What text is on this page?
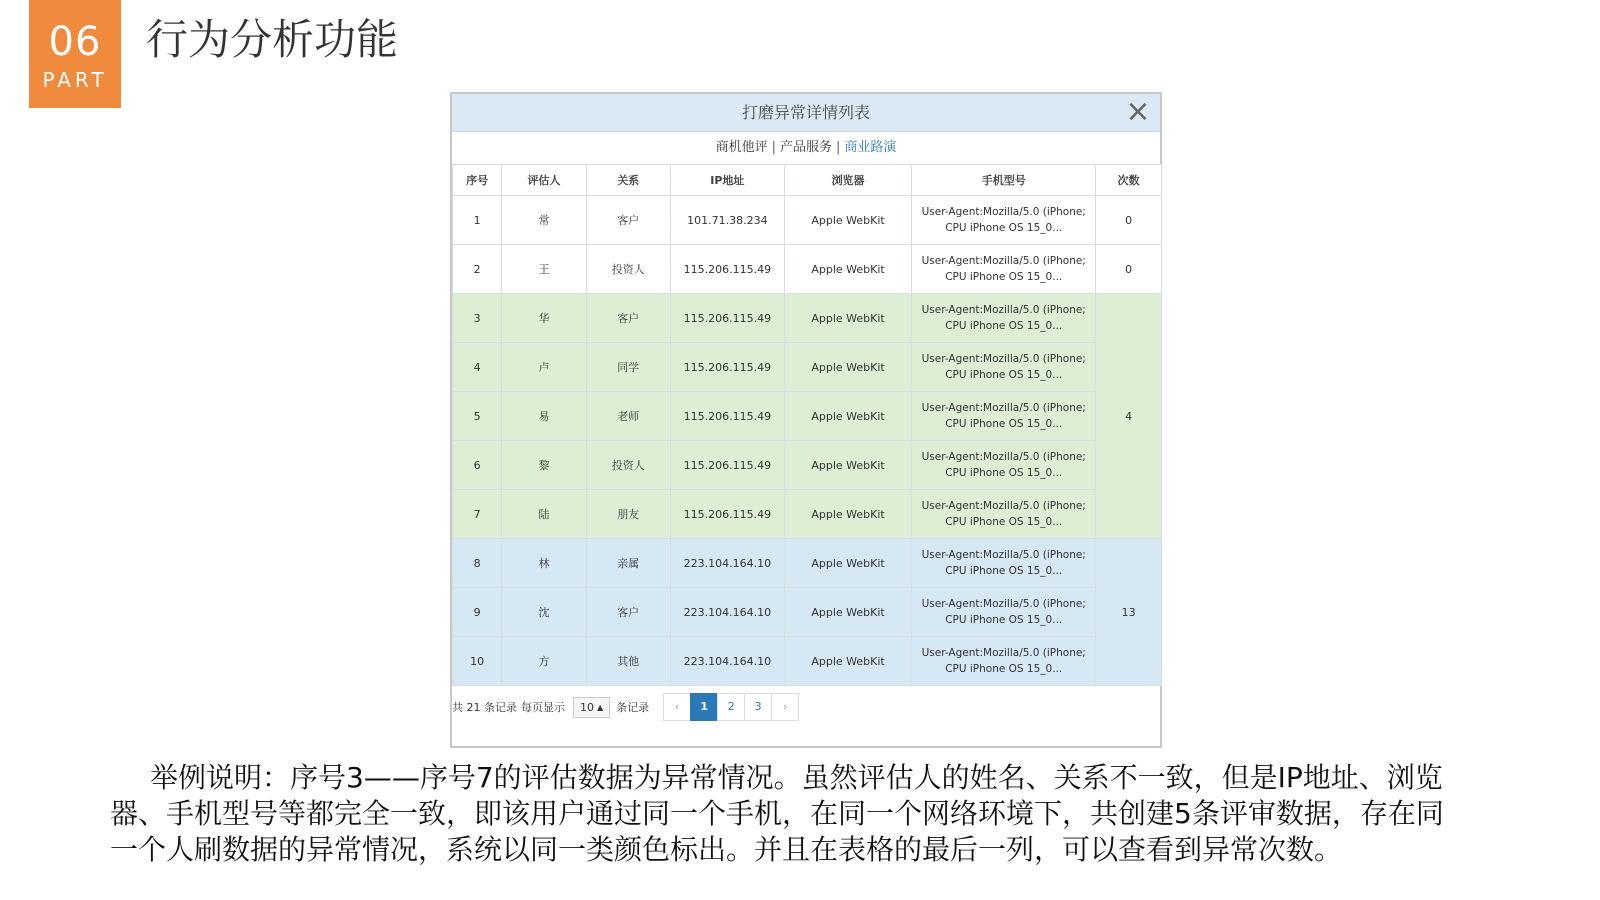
06
PART
行为分析功能
打磨异常详情列表	×
商机他评 | 产品服务 | 商业路演
序号	评估人	关系	IP地址	浏览器	手机型号	次数
1	常	客户	101.71.38.234	Apple WebKit	User-Agent:Mozilla/5.0 (iPhone;
CPU iPhone OS 15_0...	0
2	王	投资人	115.206.115.49	Apple WebKit	User-Agent:Mozilla/5.0 (iPhone;
CPU iPhone OS 15_0...	0
3	华	客户	115.206.115.49	Apple WebKit	User-Agent:Mozilla/5.0 (iPhone;
CPU iPhone OS 15_0...	4
4	卢	同学	115.206.115.49	Apple WebKit	User-Agent:Mozilla/5.0 (iPhone;
CPU iPhone OS 15_0...	

5	易	老师	115.206.115.49	Apple WebKit	User-Agent:Mozilla/5.0 (iPhone;
CPU iPhone OS 15_0...	

6	黎	投资人	115.206.115.49	Apple WebKit	User-Agent:Mozilla/5.0 (iPhone;
CPU iPhone OS 15_0...	

7	陆	朋友	115.206.115.49	Apple WebKit	User-Agent:Mozilla/5.0 (iPhone;
CPU iPhone OS 15_0...	

8	林	亲属	223.104.164.10	Apple WebKit	User-Agent:Mozilla/5.0 (iPhone;
CPU iPhone OS 15_0...	13
9	沈	客户	223.104.164.10	Apple WebKit	User-Agent:Mozilla/5.0 (iPhone;
CPU iPhone OS 15_0...	

10	方	其他	223.104.164.10	Apple WebKit	User-Agent:Mozilla/5.0 (iPhone;
CPU iPhone OS 15_0...	
共 21 条记录 每页显示 10 ▲ 条记录	‹	1	2	3	›
举例说明：序号3——序号7的评估数据为异常情况。虽然评估人的姓名、关系不一致，但是IP地址、浏览
器、手机型号等都完全一致，即该用户通过同一个手机，在同一个网络环境下，共创建5条评审数据，存在同
一个人刷数据的异常情况，系统以同一类颜色标出。并且在表格的最后一列，可以查看到异常次数。
